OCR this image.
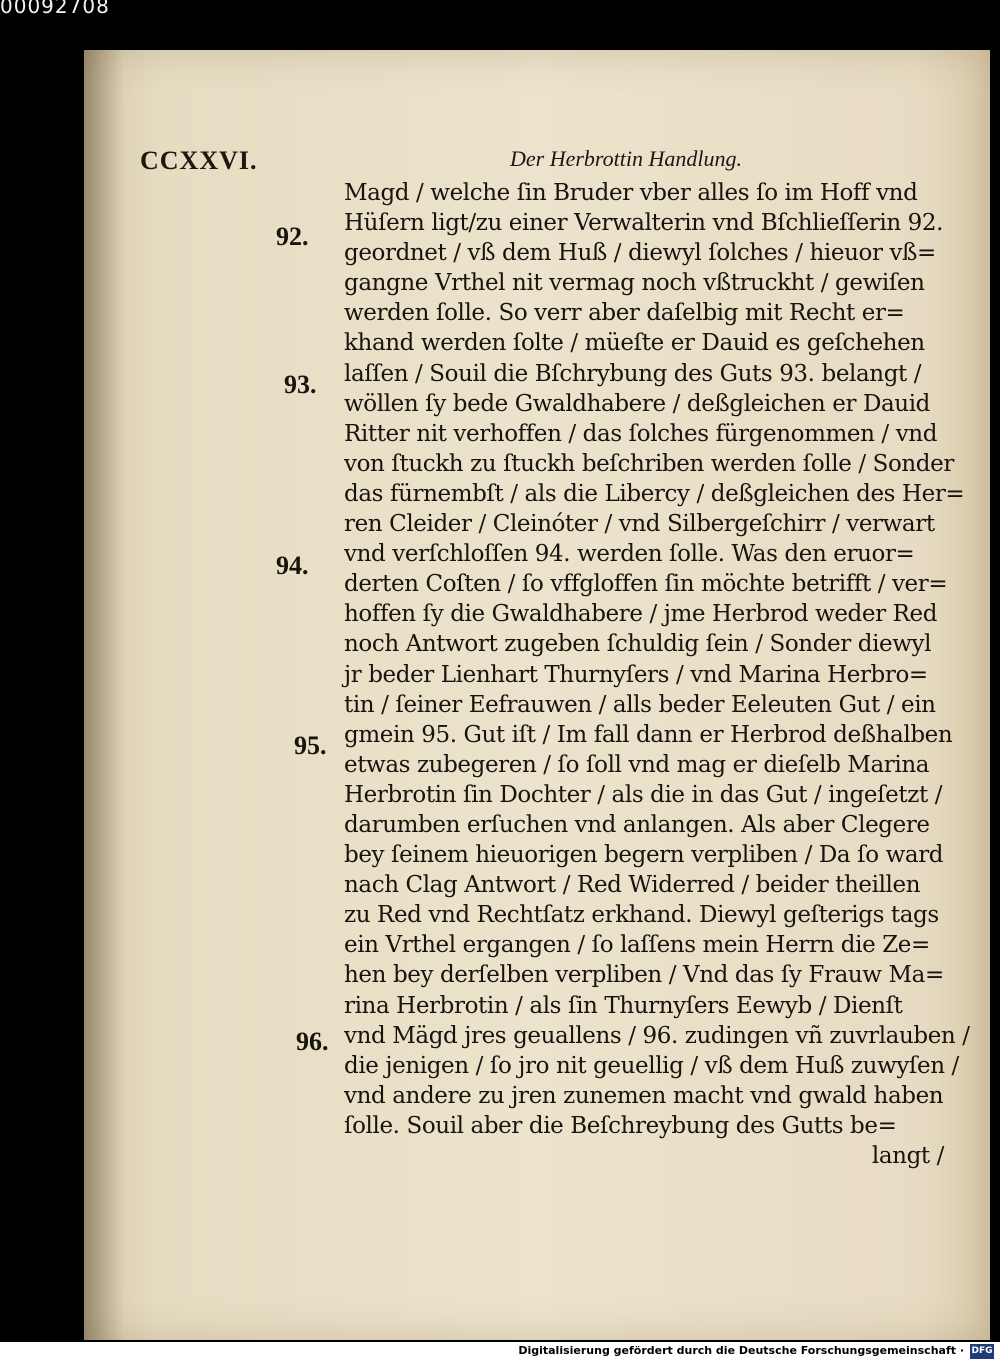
00092708
CCXXVI.	Der Herbrottin Handlung.
Magd / welche ſin Bruder vber alles ſo im Hoff vnd
Hüſern ligt/zu einer Verwalterin vnd Bſchlieſſerin 92.
geordnet / vß dem Huß / diewyl ſolches / hieuor vß=
gangne Vrthel nit vermag noch vßtruckht / gewiſen
werden ſolle. So verr aber daſelbig mit Recht er=
khand werden ſolte / müeſte er Dauid es geſchehen
laſſen / Souil die Bſchrybung des Guts 93. belangt /
wöllen ſy bede Gwaldhabere / deßgleichen er Dauid
Ritter nit verhoffen / das ſolches fürgenommen / vnd
von ſtuckh zu ſtuckh beſchriben werden ſolle / Sonder
das fürnembſt / als die Libercy / deßgleichen des Her=
ren Cleider / Cleinóter / vnd Silbergeſchirr / verwart
vnd verſchloſſen 94. werden ſolle. Was den eruor=
derten Coſten / ſo vffgloffen ſin möchte betrifft / ver=
hoffen ſy die Gwaldhabere / jme Herbrod weder Red
noch Antwort zugeben ſchuldig ſein / Sonder diewyl
jr beder Lienhart Thurnyſers / vnd Marina Herbro=
tin / ſeiner Eefrauwen / alls beder Eeleuten Gut / ein
gmein 95. Gut iſt / Im fall dann er Herbrod deßhalben
etwas zubegeren / ſo ſoll vnd mag er dieſelb Marina
Herbrotin ſin Dochter / als die in das Gut / ingeſetzt /
darumben erſuchen vnd anlangen. Als aber Clegere
bey ſeinem hieuorigen begern verpliben / Da ſo ward
nach Clag Antwort / Red Widerred / beider theillen
zu Red vnd Rechtſatz erkhand. Diewyl geſterigs tags
ein Vrthel ergangen / ſo laſſens mein Herrn die Ze=
hen bey derſelben verpliben / Vnd das ſy Frauw Ma=
rina Herbrotin / als ſin Thurnyſers Eewyb / Dienſt
vnd Mägd jres geuallens / 96. zudingen vñ zuvrlauben /
die jenigen / ſo jro nit geuellig / vß dem Huß zuwyſen /
vnd andere zu jren zunemen macht vnd gwald haben
ſolle. Souil aber die Beſchreybung des Gutts be=
langt /
92.
93.
94.
95.
96.
Digitalisierung gefördert durch die Deutsche Forschungsgemeinschaft · DFG
